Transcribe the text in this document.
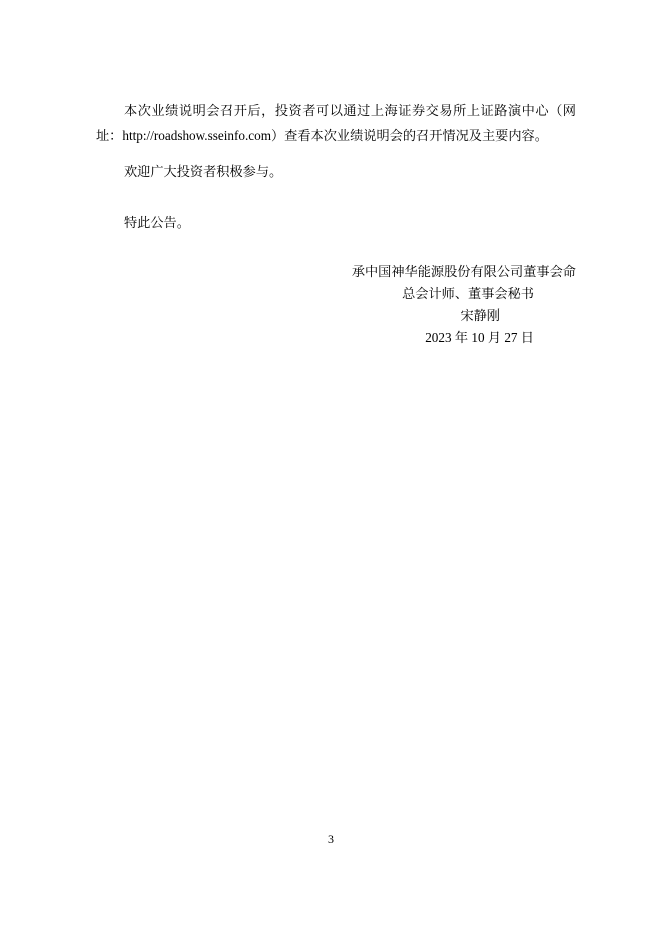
本次业绩说明会召开后，投资者可以通过上海证券交易所上证路演中心（网址：http://roadshow.sseinfo.com）查看本次业绩说明会的召开情况及主要内容。

欢迎广大投资者积极参与。

特此公告。

承中国神华能源股份有限公司董事会命
总会计师、董事会秘书
宋静刚
2023 年 10 月 27 日
3
